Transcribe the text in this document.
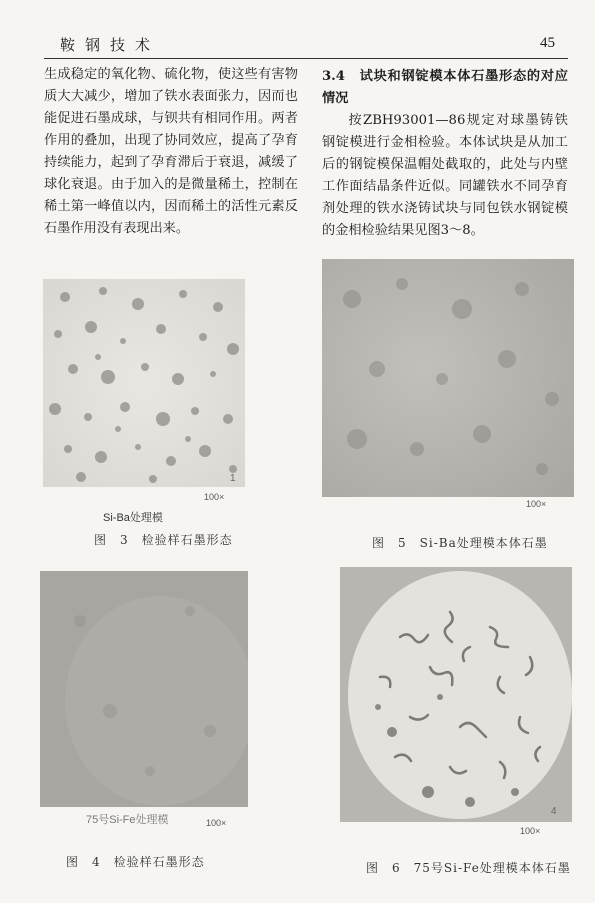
鞍钢技术	45

生成稳定的氧化物、硫化物，使这些有害物质大大减少，增加了铁水表面张力，因而也能促进石墨成球，与钡共有相同作用。两者作用的叠加，出现了协同效应，提高了孕育持续能力，起到了孕育滞后于衰退，减缓了球化衰退。由于加入的是微量稀土，控制在稀土第一峰值以内，因而稀土的活性元素反石墨作用没有表现出来。

3.4　试块和钢锭模本体石墨形态的对应情况

按ZBH93001—86规定对球墨铸铁钢锭模进行金相检验。本体试块是从加工后的钢锭模保温帽处截取的，此处与内壁工作面结晶条件近似。同罐铁水不同孕育剂处理的铁水浇铸试块与同包铁水钢锭模的金相检验结果见图3～8。

1
100×
Si-Ba处理模
图　3　检验样石墨形态
100×
图　5　Si-Ba处理模本体石墨
75号Si-Fe处理模	100×
图　4　检验样石墨形态
4
100×
图　6　75号Si-Fe处理模本体石墨
